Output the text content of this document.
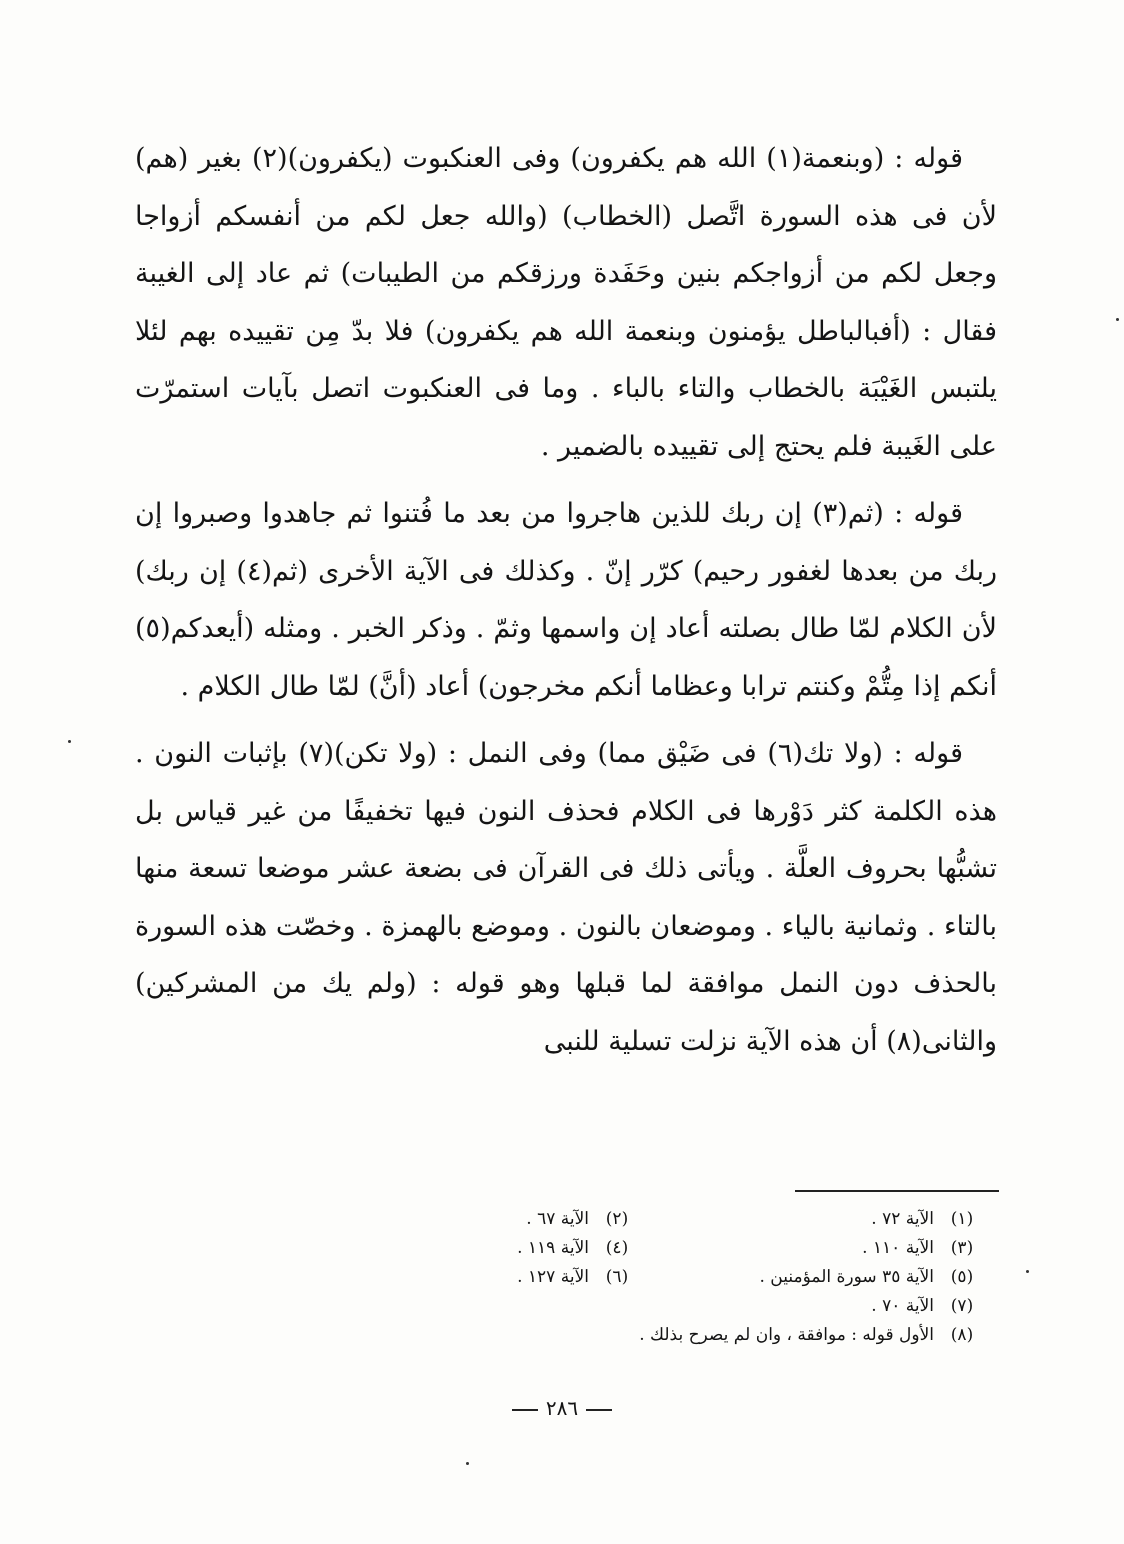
قوله : (وبنعمة(١) الله هم يكفرون) وفى العنكبوت (يكفرون)(٢) بغير (هم) لأن فى هذه السورة اتَّصل (الخطاب) (والله جعل لكم من أنفسكم أزواجا وجعل لكم من أزواجكم بنين وحَفَدة ورزقكم من الطيبات) ثم عاد إلى الغيبة فقال : (أفبالباطل يؤمنون وبنعمة الله هم يكفرون) فلا بدّ مِن تقييده بهم لئلا يلتبس الغَيْبَة بالخطاب والتاء بالباء . وما فى العنكبوت اتصل بآيات استمرّت على الغَيبة فلم يحتج إلى تقييده بالضمير .

قوله : (ثم(٣) إن ربك للذين هاجروا من بعد ما فُتنوا ثم جاهدوا وصبروا إن ربك من بعدها لغفور رحيم) كرّر إنّ . وكذلك فى الآية الأخرى (ثم(٤) إن ربك) لأن الكلام لمّا طال بصلته أعاد إن واسمها وثمّ . وذكر الخبر . ومثله (أيعدكم(٥) أنكم إذا مِتُّمْ وكنتم ترابا وعظاما أنكم مخرجون) أعاد (أنَّ) لمّا طال الكلام .

قوله : (ولا تك(٦) فى ضَيْق مما) وفى النمل : (ولا تكن)(٧) بإثبات النون . هذه الكلمة كثر دَوْرها فى الكلام فحذف النون فيها تخفيفًا من غير قياس بل تشبُّها بحروف العلَّة . ويأتى ذلك فى القرآن فى بضعة عشر موضعا تسعة منها بالتاء . وثمانية بالياء . وموضعان بالنون . وموضع بالهمزة . وخصّت هذه السورة بالحذف دون النمل موافقة لما قبلها وهو قوله : (ولم يك من المشركين) والثانى(٨) أن هذه الآية نزلت تسلية للنبى

(١)
الآية ٧٢ .
(٢)
الآية ٦٧ .
(٣)
الآية ١١٠ .
(٤)
الآية ١١٩ .
(٥)
الآية ٣٥ سورة المؤمنين .
(٦)
الآية ١٢٧ .
(٧)
الآية ٧٠ .
(٨)
الأول قوله : موافقة ، وان لم يصرح بذلك .
٢٨٦
